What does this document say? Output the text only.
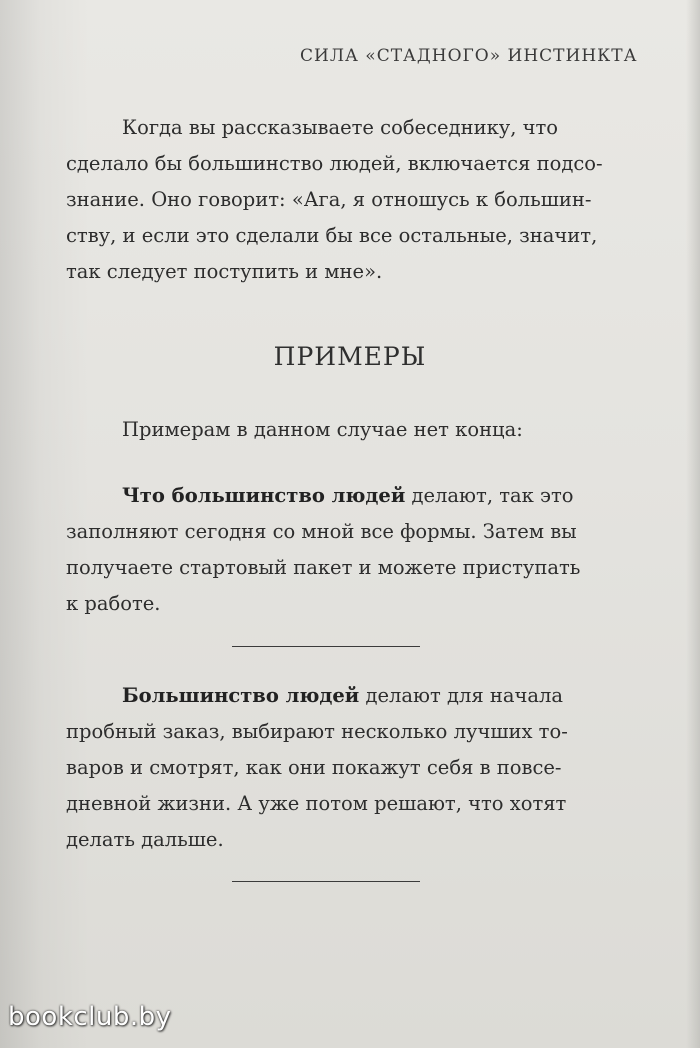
СИЛА «СТАДНОГО» ИНСТИНКТА
Когда вы рассказываете собеседнику, что
сделало бы большинство людей, включается подсо-
знание. Оно говорит: «Ага, я отношусь к большин-
ству, и если это сделали бы все остальные, значит,
так следует поступить и мне».
ПРИМЕРЫ
Примерам в данном случае нет конца:
Что большинство людей делают, так это
заполняют сегодня со мной все формы. Затем вы
получаете стартовый пакет и можете приступать
к работе.
Большинство людей делают для начала
пробный заказ, выбирают несколько лучших то-
варов и смотрят, как они покажут себя в повсе-
дневной жизни. А уже потом решают, что хотят
делать дальше.
bookclub.by
